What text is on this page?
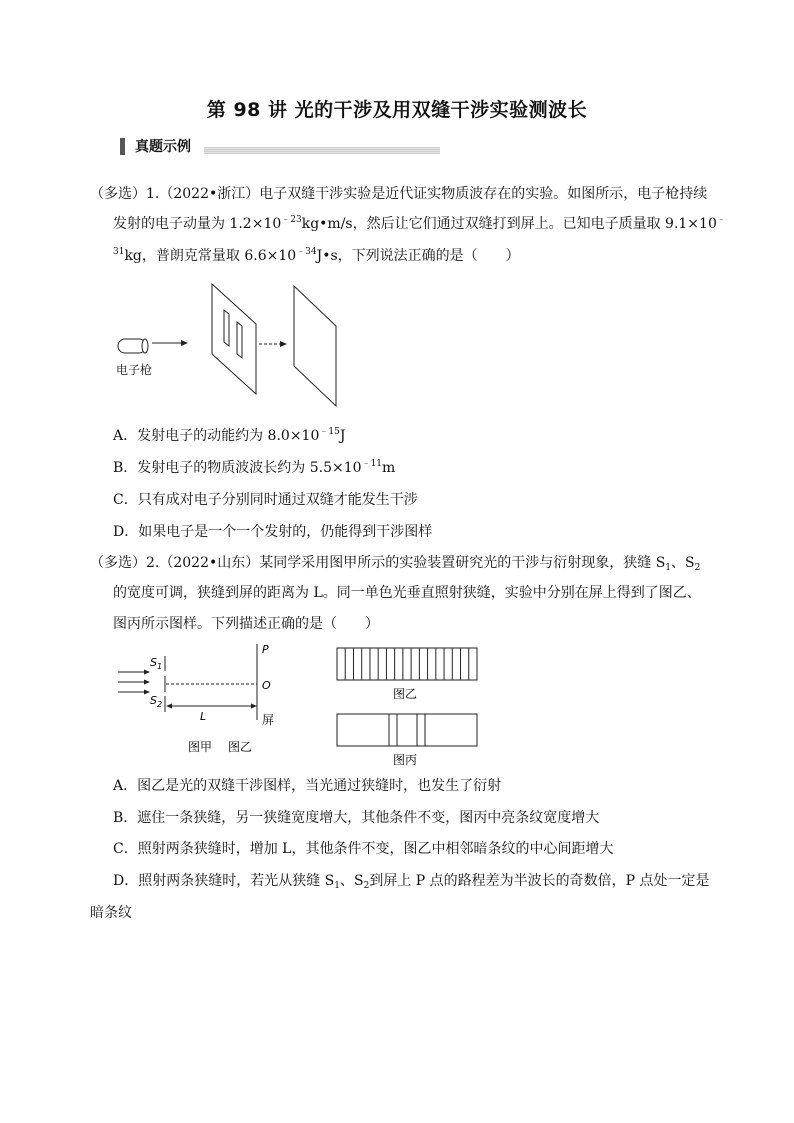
第 98 讲 光的干涉及用双缝干涉实验测波长
真题示例
（多选）1.（2022•浙江）电子双缝干涉实验是近代证实物质波存在的实验。如图所示，电子枪持续
发射的电子动量为 $1.2\times 10^{﹣23}kg•m/s$，然后让它们通过双缝打到屏上。已知电子质量取 9.1×10﹣
$^{31}$kg，普朗克常量取 $6.6\times 10^{﹣34}J•s$，下列说法正确的是（　　）
电子枪
A．发射电子的动能约为 $8.0\times 10^{﹣15}J$
B．发射电子的物质波波长约为 $5.5\times 10^{﹣11}m$
C．只有成对电子分别同时通过双缝才能发生干涉
D．如果电子是一个一个发射的，仍能得到干涉图样
（多选）2.（2022•山东）某同学采用图甲所示的实验装置研究光的干涉与衍射现象，狭缝 $S_1$、$S_2$
的宽度可调，狭缝到屏的距离为 L。同一单色光垂直照射狭缝，实验中分别在屏上得到了图乙、
图丙所示图样。下列描述正确的是（　　）
$S_1$
$S_2$
P
O
L	屏
图甲 图乙
图乙
图丙
A．图乙是光的双缝干涉图样，当光通过狭缝时，也发生了衍射
B．遮住一条狭缝，另一狭缝宽度增大，其他条件不变，图丙中亮条纹宽度增大
C．照射两条狭缝时，增加 L，其他条件不变，图乙中相邻暗条纹的中心间距增大
D．照射两条狭缝时，若光从狭缝 $S_1$、$S_2$到屏上 P 点的路程差为半波长的奇数倍，P 点处一定是
暗条纹
